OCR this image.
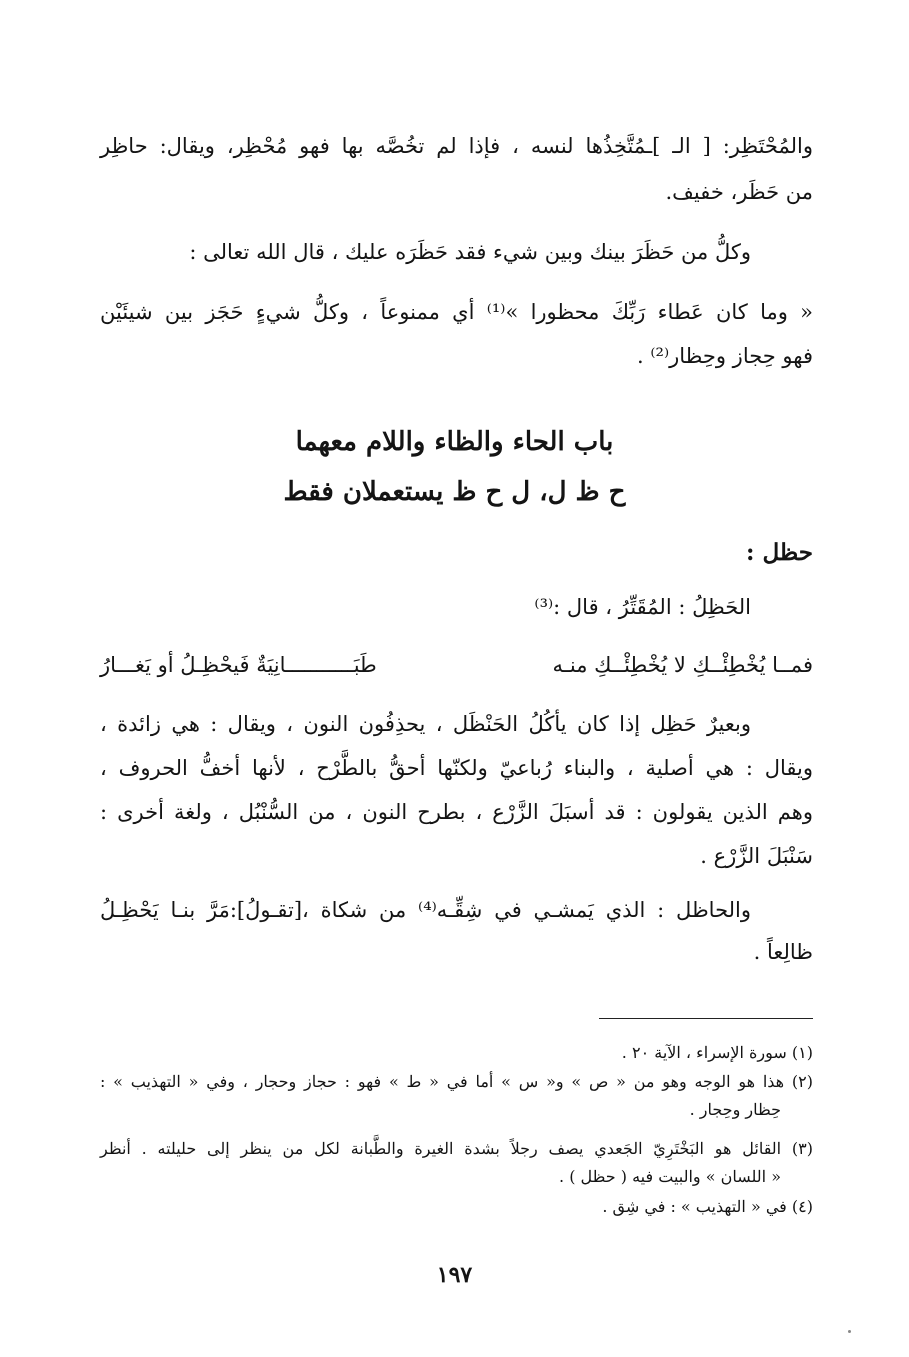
والمُحْتَظِر: [ الـ ]ـمُتَّخِذُها لنسه ، فإذا لم تخُصَّه بها فهو مُحْظِر، ويقال: حاظِر
من حَظَر، خفيف.
وكلُّ من حَظَرَ بينك وبين شيء فقد حَظَرَه عليك ، قال الله تعالى :
« وما كان عَطاء رَبِّكَ محظورا »⁽¹⁾ أي ممنوعاً ، وكلُّ شيءٍ حَجَز بين شيئَيْن
فهو حِجاز وحِظار⁽²⁾ .
باب الحاء والظاء واللام معهما
ح ظ ل، ل ح ظ يستعملان فقط
حظل :
الحَظِلُ : المُقَتِّرُ ، قال :⁽³⁾
فمــا يُخْطِئْــكِ لا يُخْطِئْــكِ منـه
طَبَـــــــــــانِيَةٌ فَيحْظِـلُ أو يَغـــارُ
وبعيرٌ حَظِل إذا كان يأكُلُ الحَنْظَل ، يحذِفُون النون ، ويقال : هي زائدة ،
ويقال : هي أصلية ، والبناء رُباعيّ ولكنّها أحقُّ بالطَّرْح ، لأنها أخفُّ الحروف ،
وهم الذين يقولون : قد أسبَلَ الزَّرْع ، بطرح النون ، من السُّنْبُل ، ولغة أخرى :
سَنْبَلَ الزَّرْع .
والحاظل : الذي يَمشـي في شِقِّـه⁽⁴⁾ من شكاة ،[تقـولُ]:مَرَّ بنـا يَحْظِـلُ
ظالِعاً .
(١) سورة الإسراء ، الآية ٢٠ .
(٢) هذا هو الوجه وهو من « ص » و« س » أما في « ط » فهو : حجاز وحجار ، وفي « التهذيب » :
حِظار وحِجار .
(٣) القائل هو البَخْتَرِيّ الجَعدي يصف رجلاً بشدة الغيرة والطَّبانة لكل من ينظر إلى حليلته . أنظر
« اللسان » والبيت فيه ( حظل ) .
(٤) في « التهذيب » : في شِق .
١٩٧
